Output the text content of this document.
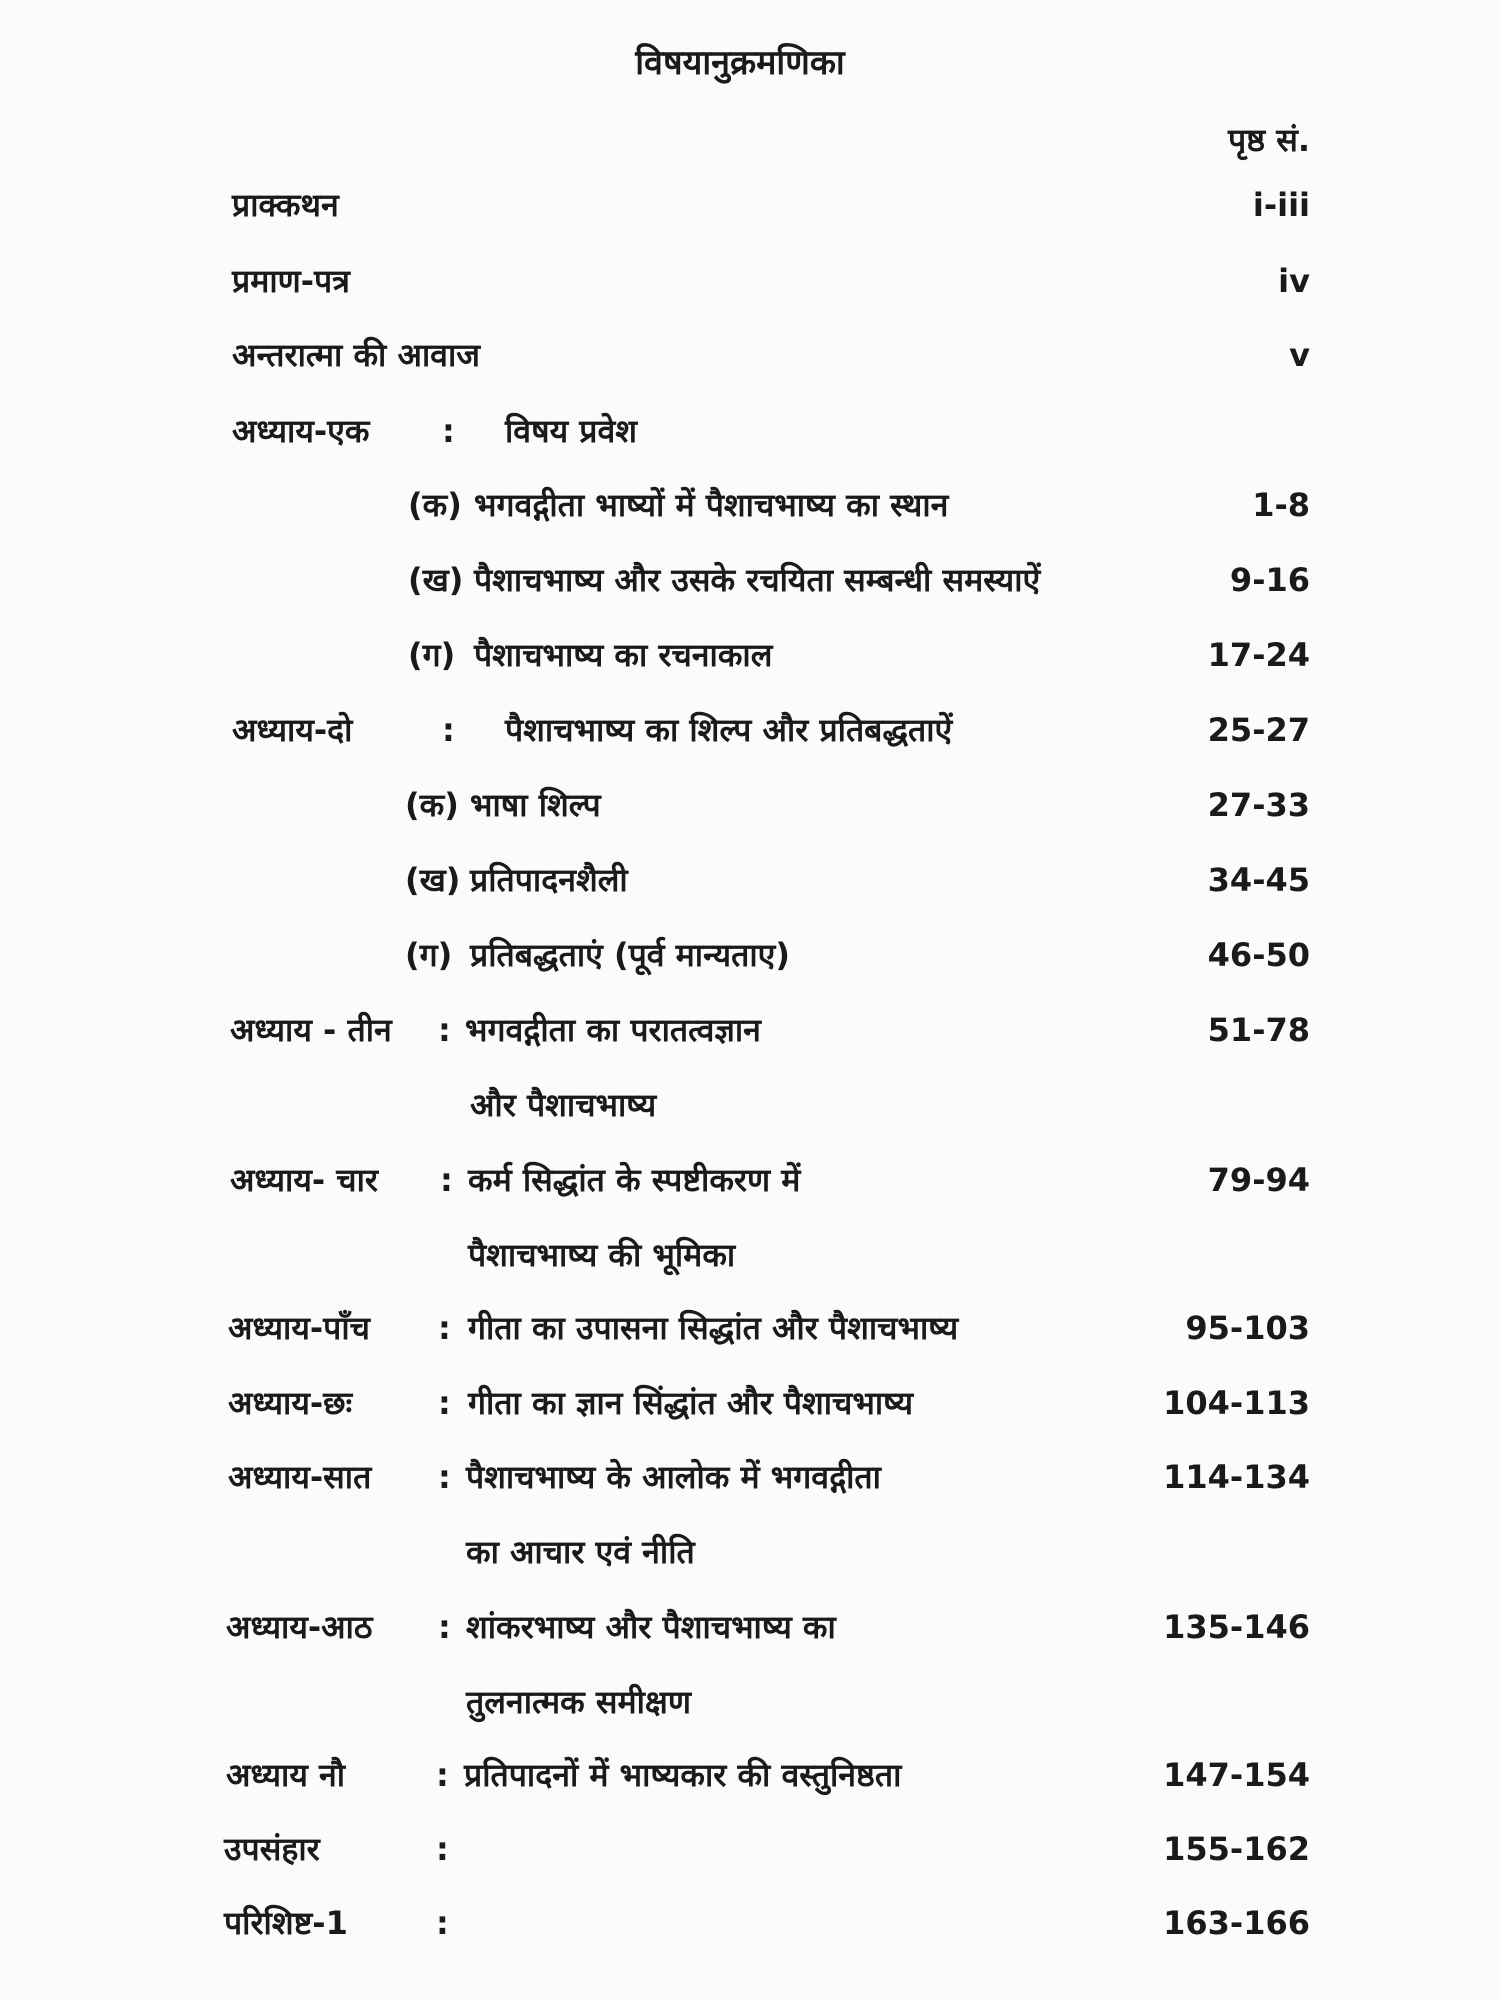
विषयानुक्रमणिका
पृष्ठ सं.
प्राक्कथन	i-iii
प्रमाण-पत्र	iv
अन्तरात्मा की आवाज	v
अध्याय-एक : विषय प्रवेश
(क) भगवद्गीता भाष्यों में पैशाचभाष्य का स्थान	1-8
(ख) पैशाचभाष्य और उसके रचयिता सम्बन्धी समस्याऐं	9-16
(ग) पैशाचभाष्य का रचनाकाल	17-24
अध्याय-दो	: पैशाचभाष्य का शिल्प और प्रतिबद्धताऐं	25-27
(क) भाषा शिल्प	27-33
(ख) प्रतिपादनशैली	34-45
(ग) प्रतिबद्धताएं (पूर्व मान्यताए)	46-50
अध्याय - तीन : भगवद्गीता का परातत्वज्ञान	51-78
और पैशाचभाष्य
अध्याय- चार : कर्म सिद्धांत के स्पष्टीकरण में	79-94
पैशाचभाष्य की भूमिका
अध्याय-पाँच : गीता का उपासना सिद्धांत और पैशाचभाष्य	95-103
अध्याय-छः	: गीता का ज्ञान सिंद्धांत और पैशाचभाष्य	104-113
अध्याय-सात : पैशाचभाष्य के आलोक में भगवद्गीता	114-134
का आचार एवं नीति
अध्याय-आठ : शांकरभाष्य और पैशाचभाष्य का	135-146
तुलनात्मक समीक्षण
अध्याय नौ	: प्रतिपादनों में भाष्यकार की वस्तुनिष्ठता	147-154
उपसंहार	:	155-162
परिशिष्ट-1	:	163-166
